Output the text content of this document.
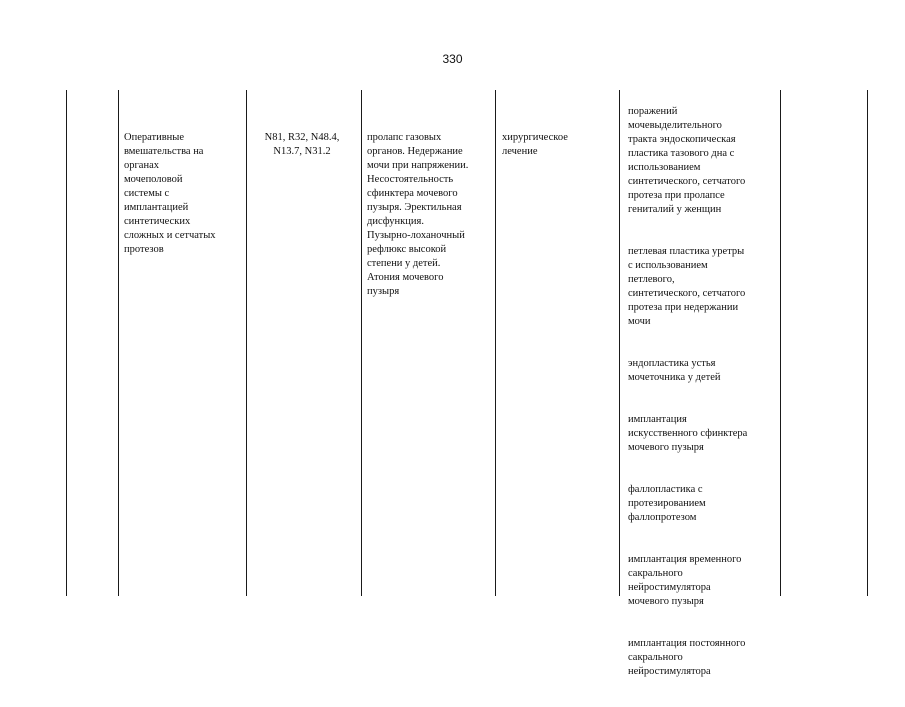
330
Оперативные
вмешательства на
органах
мочеполовой
системы с
имплантацией
синтетических
сложных и сетчатых
протезов
N81, R32, N48.4,
N13.7, N31.2
пролапс газовых
органов. Недержание
мочи при напряжении.
Несостоятельность
сфинктера мочевого
пузыря. Эректильная
дисфункция.
Пузырно-лоханочный
рефлюкс высокой
степени у детей.
Атония мочевого
пузыря
хирургическое
лечение

поражений
мочевыделительного
тракта эндоскопическая
пластика тазового дна с
использованием
синтетического, сетчатого
протеза при пролапсе
гениталий у женщин

петлевая пластика уретры
с использованием
петлевого,
синтетического, сетчатого
протеза при недержании
мочи

эндопластика устья
мочеточника у детей

имплантация
искусственного сфинктера
мочевого пузыря

фаллопластика с
протезированием
фаллопротезом

имплантация временного
сакрального
нейростимулятора
мочевого пузыря

имплантация постоянного
сакрального
нейростимулятора
